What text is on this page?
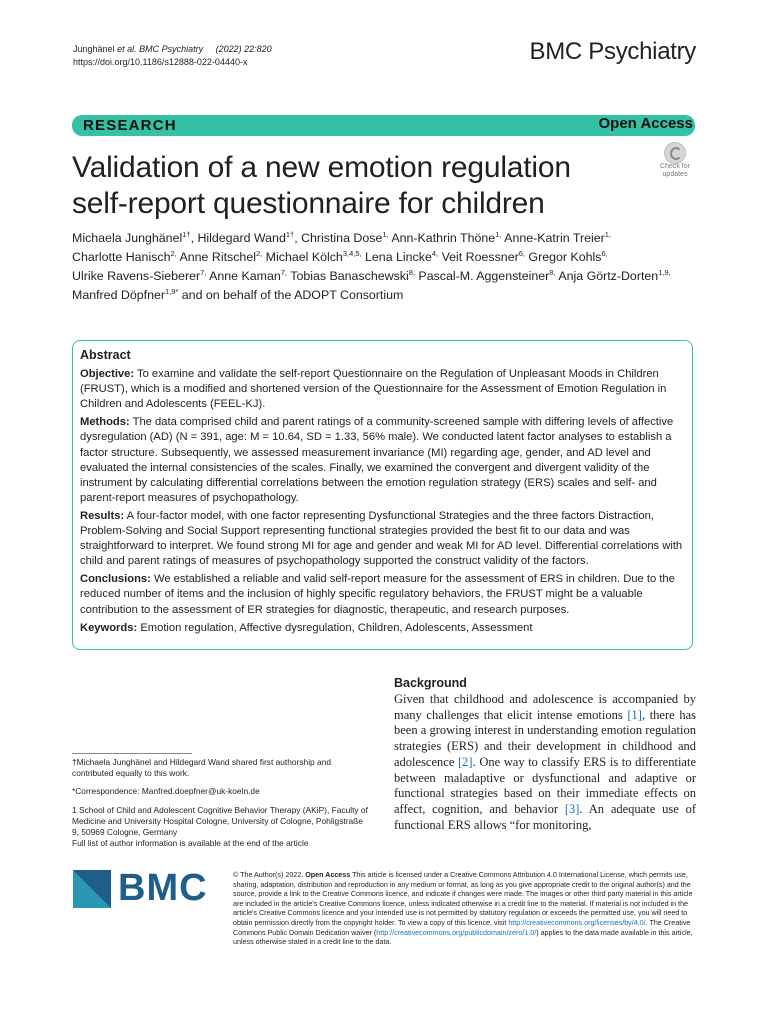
Junghänel et al. BMC Psychiatry (2022) 22:820
https://doi.org/10.1186/s12888-022-04440-x	BMC Psychiatry
RESEARCH	Open Access
Validation of a new emotion regulation self-report questionnaire for children
Check for updates
Michaela Junghänel$^{1\dagger}$, Hildegard Wand$^{1\dagger}$, Christina Dose$^{1,}$ Ann-Kathrin Thöne$^{1,}$ Anne-Katrin Treier$^{1,}$
Charlotte Hanisch$^{2,}$ Anne Ritschel$^{2,}$ Michael Kölch$^{3,4,5,}$ Lena Lincke$^{4,}$ Veit Roessner$^{6,}$ Gregor Kohls$^{6,}$
Ulrike Ravens-Sieberer$^{7,}$ Anne Kaman$^{7,}$ Tobias Banaschewski$^{8,}$ Pascal-M. Aggensteiner$^{8,}$ Anja Görtz-Dorten$^{1,9,}$
Manfred Döpfner$^{1,9*}$ and on behalf of the ADOPT Consortium
Abstract

Objective: To examine and validate the self-report Questionnaire on the Regulation of Unpleasant Moods in Children (FRUST), which is a modified and shortened version of the Questionnaire for the Assessment of Emotion Regulation in Children and Adolescents (FEEL-KJ).

Methods: The data comprised child and parent ratings of a community-screened sample with differing levels of affective dysregulation (AD) (N = 391, age: M = 10.64, SD = 1.33, 56% male). We conducted latent factor analyses to establish a factor structure. Subsequently, we assessed measurement invariance (MI) regarding age, gender, and AD level and evaluated the internal consistencies of the scales. Finally, we examined the convergent and divergent validity of the instrument by calculating differential correlations between the emotion regulation strategy (ERS) scales and self- and parent-report measures of psychopathology.

Results: A four-factor model, with one factor representing Dysfunctional Strategies and the three factors Distraction, Problem-Solving and Social Support representing functional strategies provided the best fit to our data and was straightforward to interpret. We found strong MI for age and gender and weak MI for AD level. Differential correlations with child and parent ratings of measures of psychopathology supported the construct validity of the factors.

Conclusions: We established a reliable and valid self-report measure for the assessment of ERS in children. Due to the reduced number of items and the inclusion of highly specific regulatory behaviors, the FRUST might be a valuable contribution to the assessment of ER strategies for diagnostic, therapeutic, and research purposes.

Keywords: Emotion regulation, Affective dysregulation, Children, Adolescents, Assessment

†Michaela Junghänel and Hildegard Wand shared first authorship and contributed equally to this work.

*Correspondence: Manfred.doepfner@uk-koeln.de

1 School of Child and Adolescent Cognitive Behavior Therapy (AKiP), Faculty of Medicine and University Hospital Cologne, University of Cologne, Pohligstraße 9, 50969 Cologne, Germany

Full list of author information is available at the end of the article

Background
Given that childhood and adolescence is accompanied by many challenges that elicit intense emotions [1], there has been a growing interest in understanding emotion regulation strategies (ERS) and their development in childhood and adolescence [2]. One way to classify ERS is to differentiate between maladaptive or dysfunctional and adaptive or functional strategies based on their immediate effects on affect, cognition, and behavior [3]. An adequate use of functional ERS allows “for monitoring,
BMC	© The Author(s) 2022. Open Access This article is licensed under a Creative Commons Attribution 4.0 International License, which permits use, sharing, adaptation, distribution and reproduction in any medium or format, as long as you give appropriate credit to the original author(s) and the source, provide a link to the Creative Commons licence, and indicate if changes were made. The images or other third party material in this article are included in the article's Creative Commons licence, unless indicated otherwise in a credit line to the material. If material is not included in the article's Creative Commons licence and your intended use is not permitted by statutory regulation or exceeds the permitted use, you will need to obtain permission directly from the copyright holder. To view a copy of this licence, visit http://creativecommons.org/licenses/by/4.0/. The Creative Commons Public Domain Dedication waiver (http://creativecommons.org/publicdomain/zero/1.0/) applies to the data made available in this article, unless otherwise stated in a credit line to the data.
